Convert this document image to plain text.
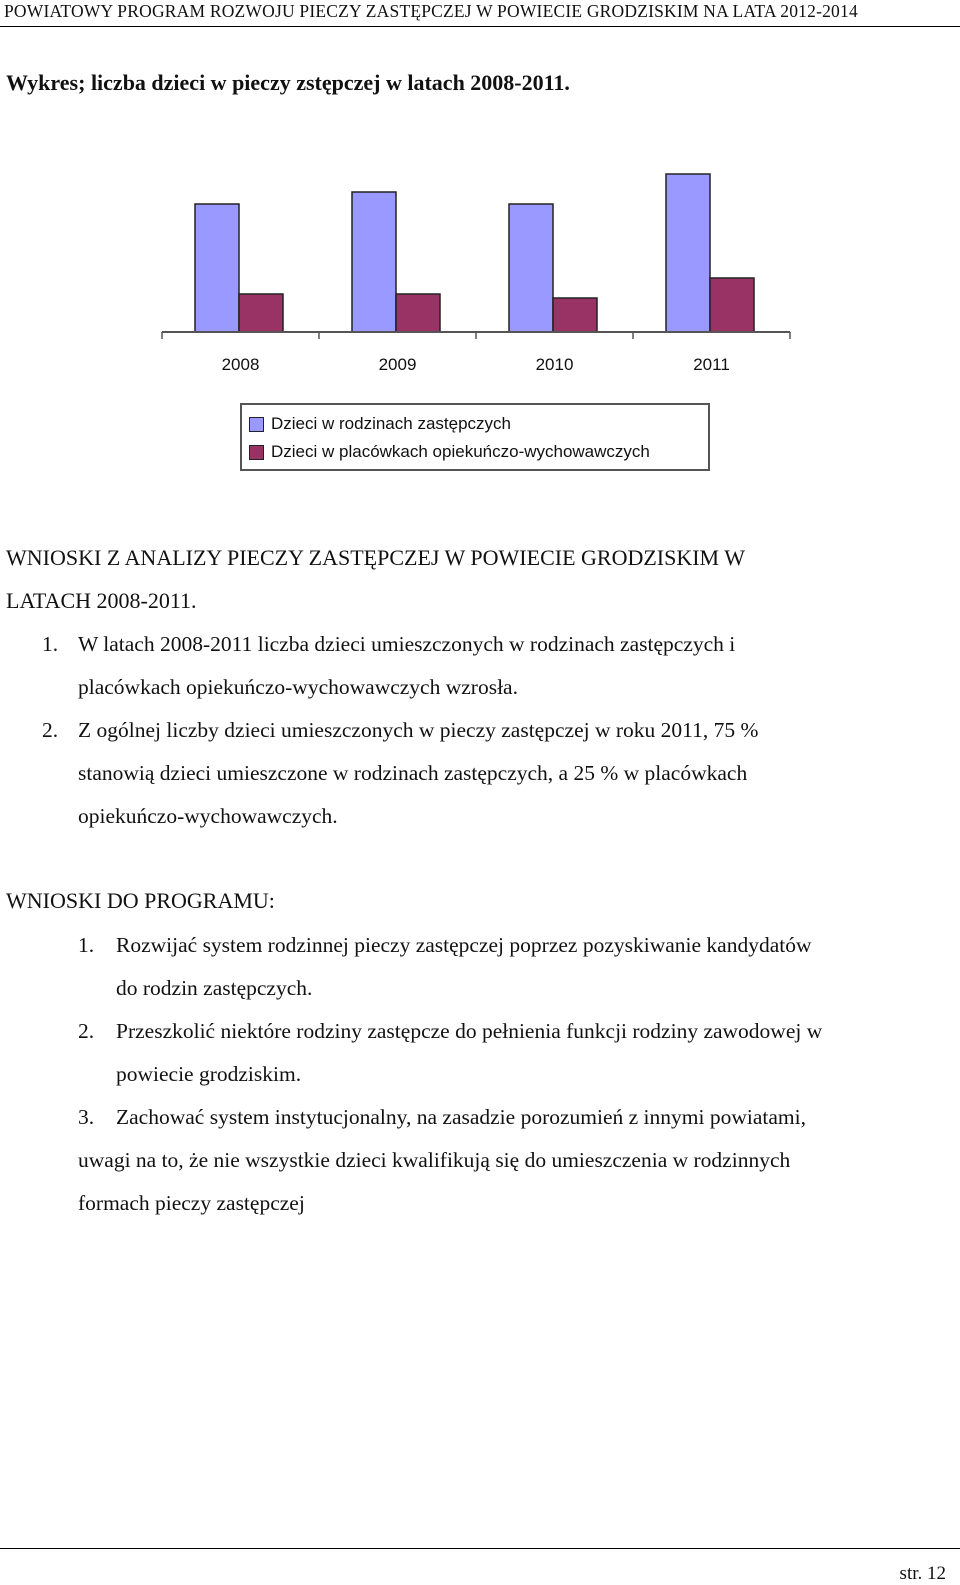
POWIATOWY PROGRAM ROZWOJU PIECZY ZASTĘPCZEJ W POWIECIE GRODZISKIM NA LATA 2012-2014
Wykres; liczba dzieci w pieczy zstępczej w latach 2008-2011.
2008	2009	2010	2011
Dzieci w rodzinach zastępczych
Dzieci w placówkach opiekuńczo-wychowawczych
WNIOSKI Z ANALIZY PIECZY ZASTĘPCZEJ W POWIECIE GRODZISKIM W
LATACH 2008-2011.
1. W latach 2008-2011 liczba dzieci umieszczonych w rodzinach zastępczych i
placówkach opiekuńczo-wychowawczych wzrosła.
2. Z ogólnej liczby dzieci umieszczonych w pieczy zastępczej w roku 2011, 75 %
stanowią dzieci umieszczone w rodzinach zastępczych, a 25 % w placówkach
opiekuńczo-wychowawczych.
WNIOSKI DO PROGRAMU:
1. Rozwijać system rodzinnej pieczy zastępczej poprzez pozyskiwanie kandydatów
do rodzin zastępczych.
2. Przeszkolić niektóre rodziny zastępcze do pełnienia funkcji rodziny zawodowej w
powiecie grodziskim.
3. Zachować system instytucjonalny, na zasadzie porozumień z innymi powiatami,
uwagi na to, że nie wszystkie dzieci kwalifikują się do umieszczenia w rodzinnych
formach pieczy zastępczej
str. 12
